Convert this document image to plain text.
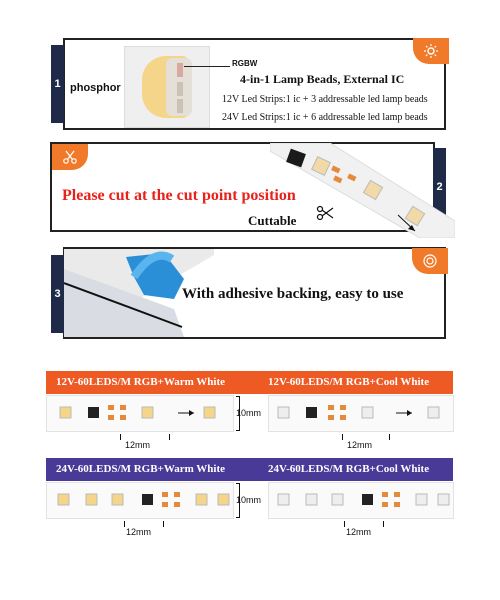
1 phosphor
RGBW
4-in-1 Lamp Beads, External IC
12V Led Strips:1 ic + 3 addressable led lamp beads
24V Led Strips:1 ic + 6 addressable led lamp beads
2
Please cut at the cut point position
Cuttable
3	With adhesive backing, easy to use
12V-60LEDS/M RGB+Warm White	12V-60LEDS/M RGB+Cool White
10mm
12mm	12mm
24V-60LEDS/M RGB+Warm White	24V-60LEDS/M RGB+Cool White
10mm
12mm	12mm
